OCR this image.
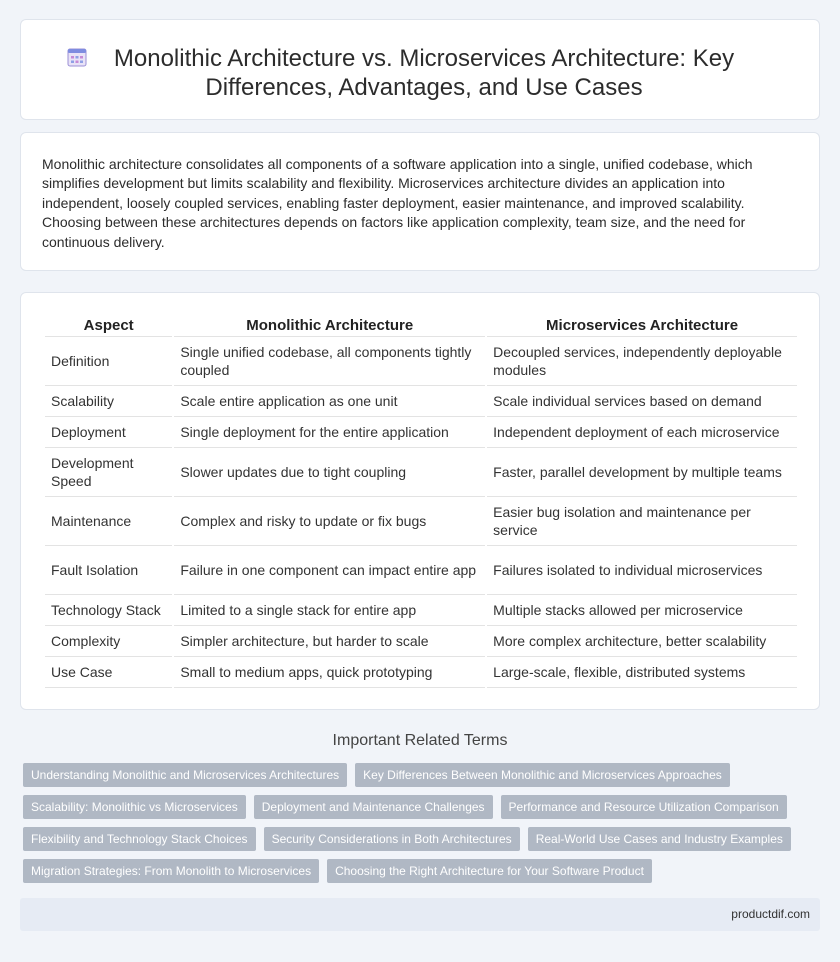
Monolithic Architecture vs. Microservices Architecture: Key Differences, Advantages, and Use Cases

Monolithic architecture consolidates all components of a software application into a single, unified codebase, which simplifies development but limits scalability and flexibility. Microservices architecture divides an application into independent, loosely coupled services, enabling faster deployment, easier maintenance, and improved scalability. Choosing between these architectures depends on factors like application complexity, team size, and the need for continuous delivery.

Aspect	Monolithic Architecture	Microservices Architecture
Definition	Single unified codebase, all components tightly coupled	Decoupled services, independently deployable modules
Scalability	Scale entire application as one unit	Scale individual services based on demand
Deployment	Single deployment for the entire application	Independent deployment of each microservice
Development Speed	Slower updates due to tight coupling	Faster, parallel development by multiple teams
Maintenance	Complex and risky to update or fix bugs	Easier bug isolation and maintenance per service
Fault Isolation	Failure in one component can impact entire app	Failures isolated to individual microservices
Technology Stack	Limited to a single stack for entire app	Multiple stacks allowed per microservice
Complexity	Simpler architecture, but harder to scale	More complex architecture, better scalability
Use Case	Small to medium apps, quick prototyping	Large-scale, flexible, distributed systems
Important Related Terms
Understanding Monolithic and Microservices Architectures	Key Differences Between Monolithic and Microservices Approaches
Scalability: Monolithic vs Microservices	Deployment and Maintenance Challenges	Performance and Resource Utilization Comparison
Flexibility and Technology Stack Choices	Security Considerations in Both Architectures	Real-World Use Cases and Industry Examples
Migration Strategies: From Monolith to Microservices	Choosing the Right Architecture for Your Software Product
productdif.com
